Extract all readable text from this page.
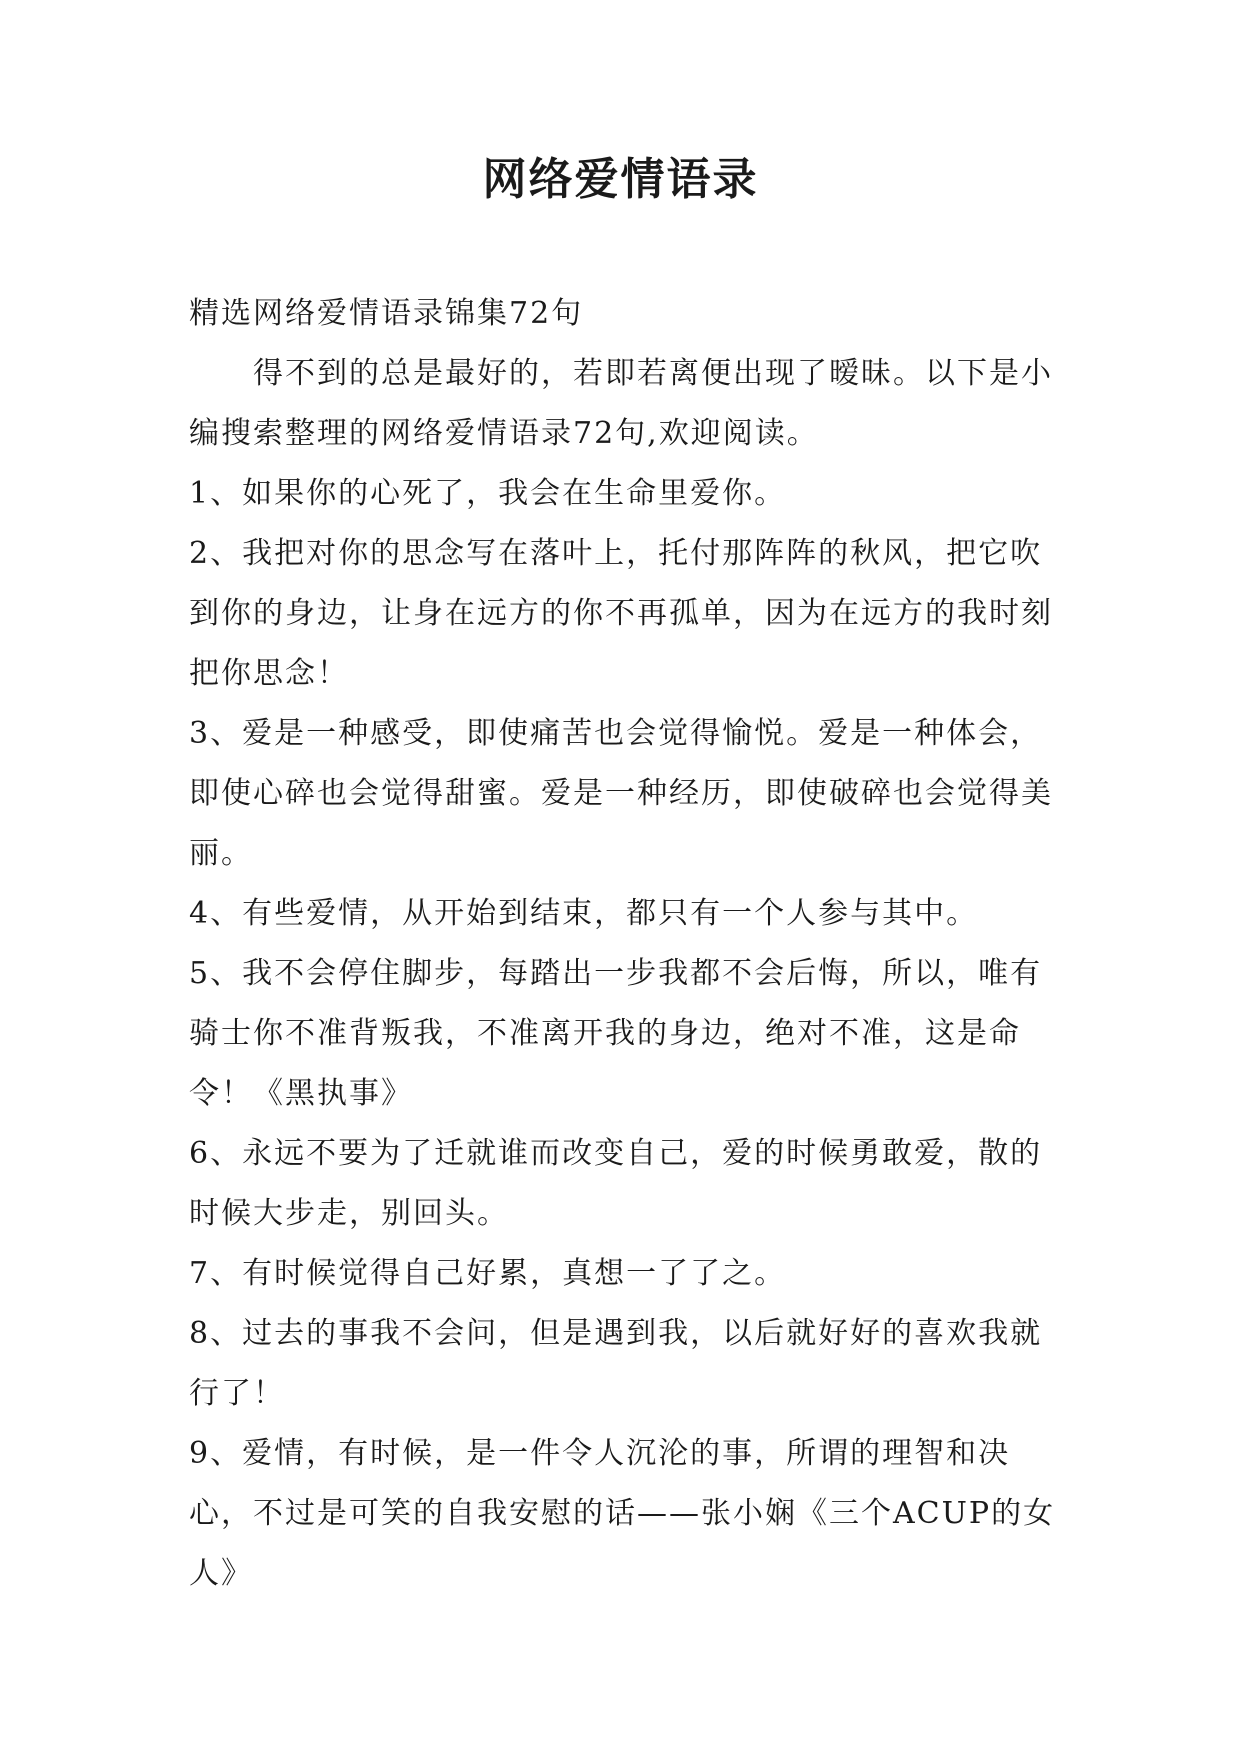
网络爱情语录

精选网络爱情语录锦集72句

得不到的总是最好的，若即若离便出现了暧昧。以下是小编搜索整理的网络爱情语录72句,欢迎阅读。

1、如果你的心死了，我会在生命里爱你。

2、我把对你的思念写在落叶上，托付那阵阵的秋风，把它吹到你的身边，让身在远方的你不再孤单，因为在远方的我时刻把你思念！

3、爱是一种感受，即使痛苦也会觉得愉悦。爱是一种体会，即使心碎也会觉得甜蜜。爱是一种经历，即使破碎也会觉得美丽。

4、有些爱情，从开始到结束，都只有一个人参与其中。

5、我不会停住脚步，每踏出一步我都不会后悔，所以，唯有骑士你不准背叛我，不准离开我的身边，绝对不准，这是命令！《黑执事》

6、永远不要为了迁就谁而改变自己，爱的时候勇敢爱，散的时候大步走，别回头。

7、有时候觉得自己好累，真想一了了之。

8、过去的事我不会问，但是遇到我，以后就好好的喜欢我就行了！

9、爱情，有时候，是一件令人沉沦的事，所谓的理智和决心，不过是可笑的自我安慰的话——张小娴《三个ACUP的女人》
